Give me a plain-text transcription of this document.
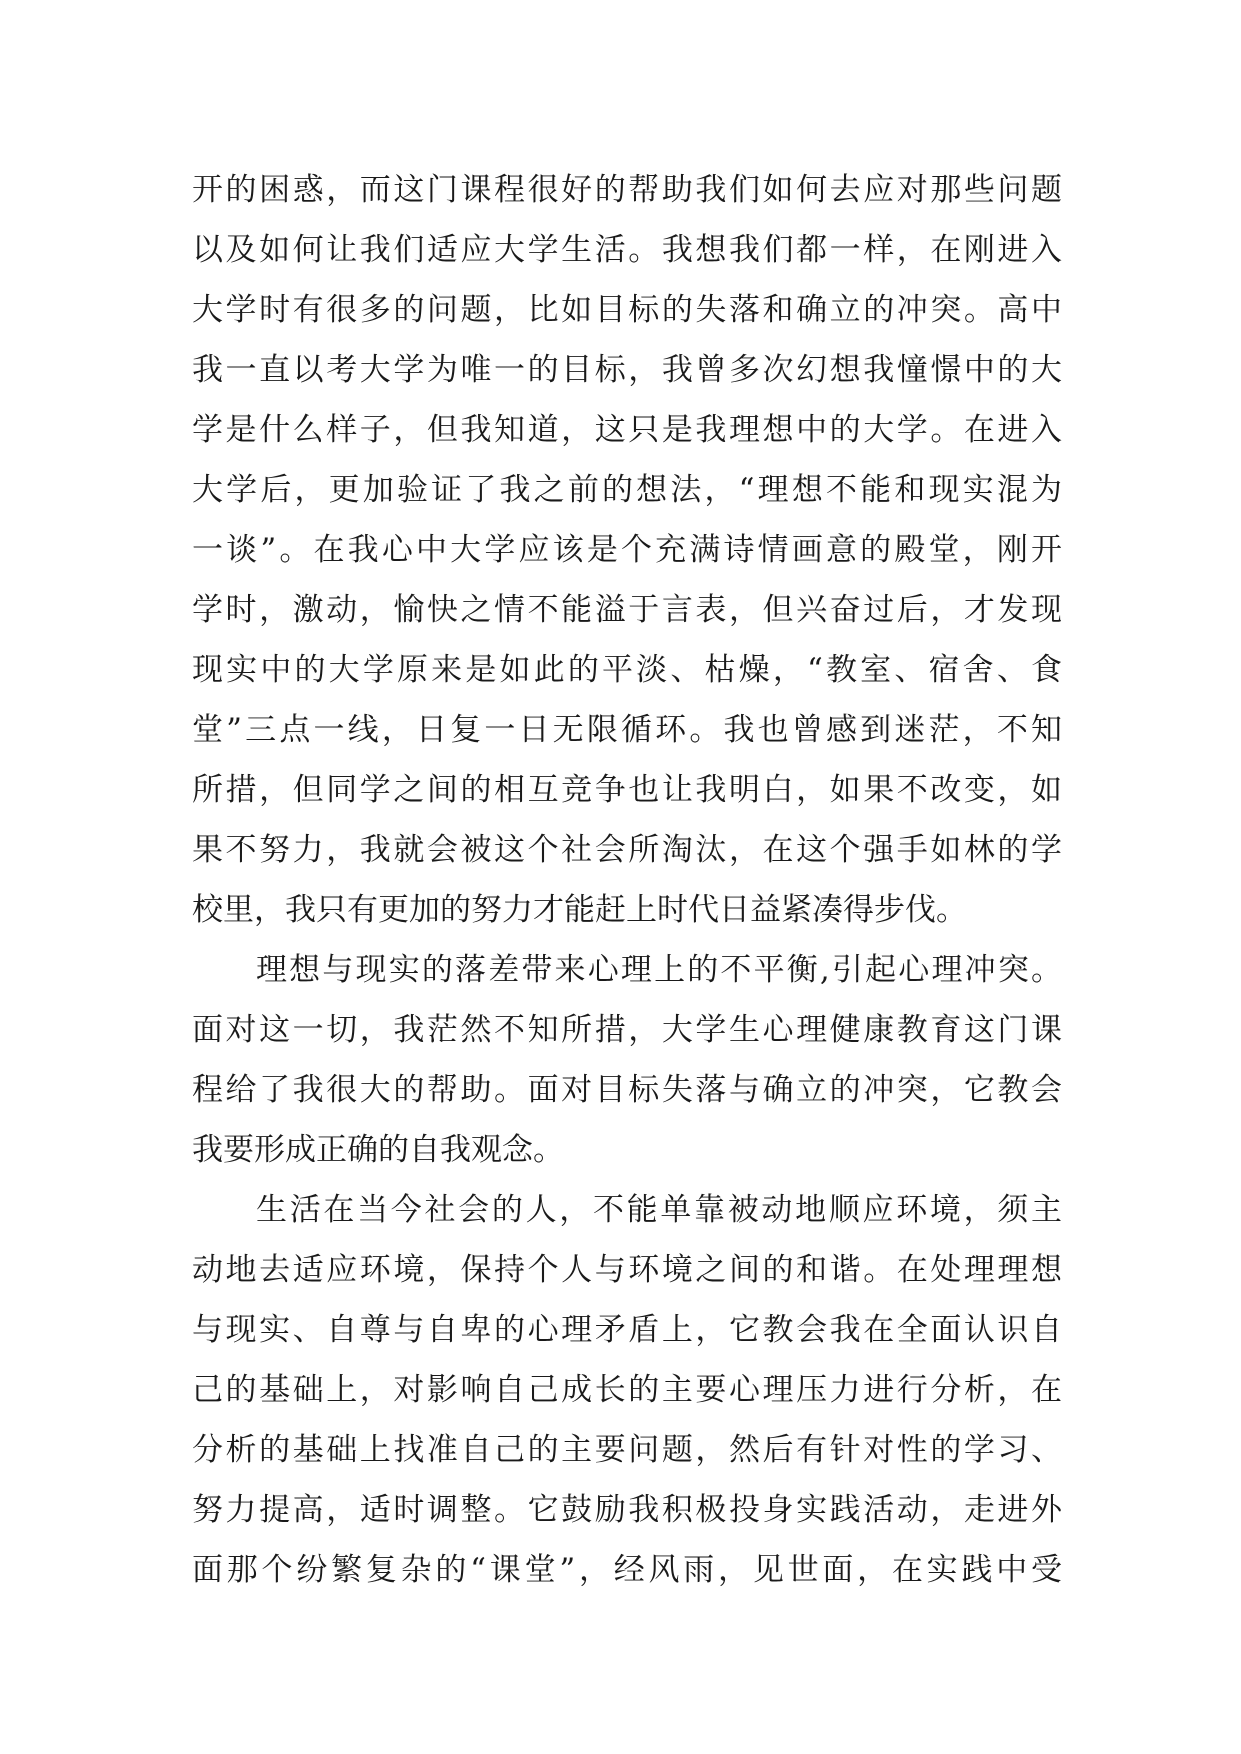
开的困惑，而这门课程很好的帮助我们如何去应对那些问题
以及如何让我们适应大学生活。我想我们都一样，在刚进入
大学时有很多的问题，比如目标的失落和确立的冲突。高中
我一直以考大学为唯一的目标，我曾多次幻想我憧憬中的大
学是什么样子，但我知道，这只是我理想中的大学。在进入
大学后，更加验证了我之前的想法，“理想不能和现实混为
一谈”。在我心中大学应该是个充满诗情画意的殿堂，刚开
学时，激动，愉快之情不能溢于言表，但兴奋过后，才发现
现实中的大学原来是如此的平淡、枯燥，“教室、宿舍、食
堂”三点一线，日复一日无限循环。我也曾感到迷茫，不知
所措，但同学之间的相互竞争也让我明白，如果不改变，如
果不努力，我就会被这个社会所淘汰，在这个强手如林的学
校里，我只有更加的努力才能赶上时代日益紧凑得步伐。
理想与现实的落差带来心理上的不平衡,引起心理冲突。
面对这一切，我茫然不知所措，大学生心理健康教育这门课
程给了我很大的帮助。面对目标失落与确立的冲突，它教会
我要形成正确的自我观念。
生活在当今社会的人，不能单靠被动地顺应环境，须主
动地去适应环境，保持个人与环境之间的和谐。在处理理想
与现实、自尊与自卑的心理矛盾上，它教会我在全面认识自
己的基础上，对影响自己成长的主要心理压力进行分析，在
分析的基础上找准自己的主要问题，然后有针对性的学习、
努力提高，适时调整。它鼓励我积极投身实践活动，走进外
面那个纷繁复杂的“课堂”，经风雨，见世面，在实践中受
